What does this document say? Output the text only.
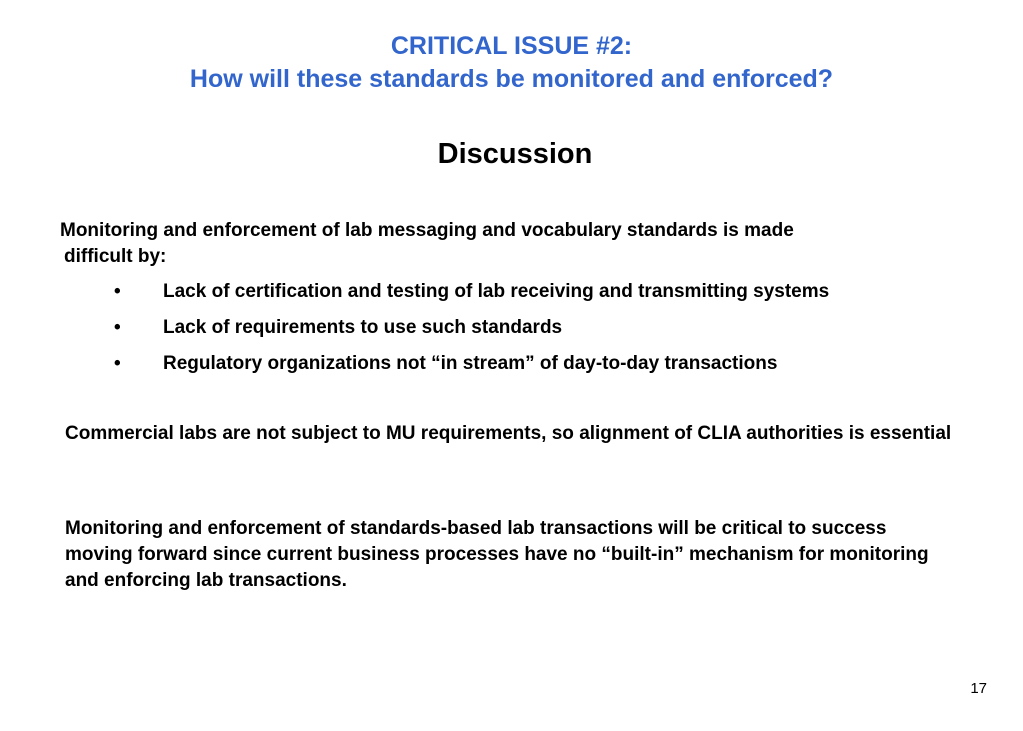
CRITICAL ISSUE #2:
How will these standards be monitored and enforced?
Discussion
Monitoring and enforcement of lab messaging and vocabulary standards is made
difficult by:
• Lack of certification and testing of lab receiving and transmitting systems
• Lack of requirements to use such standards
• Regulatory organizations not “in stream” of day-to-day transactions
Commercial labs are not subject to MU requirements, so alignment of CLIA authorities is essential
Monitoring and enforcement of standards-based lab transactions will be critical to success moving forward since current business processes have no “built-in” mechanism for monitoring and enforcing lab transactions.
17
